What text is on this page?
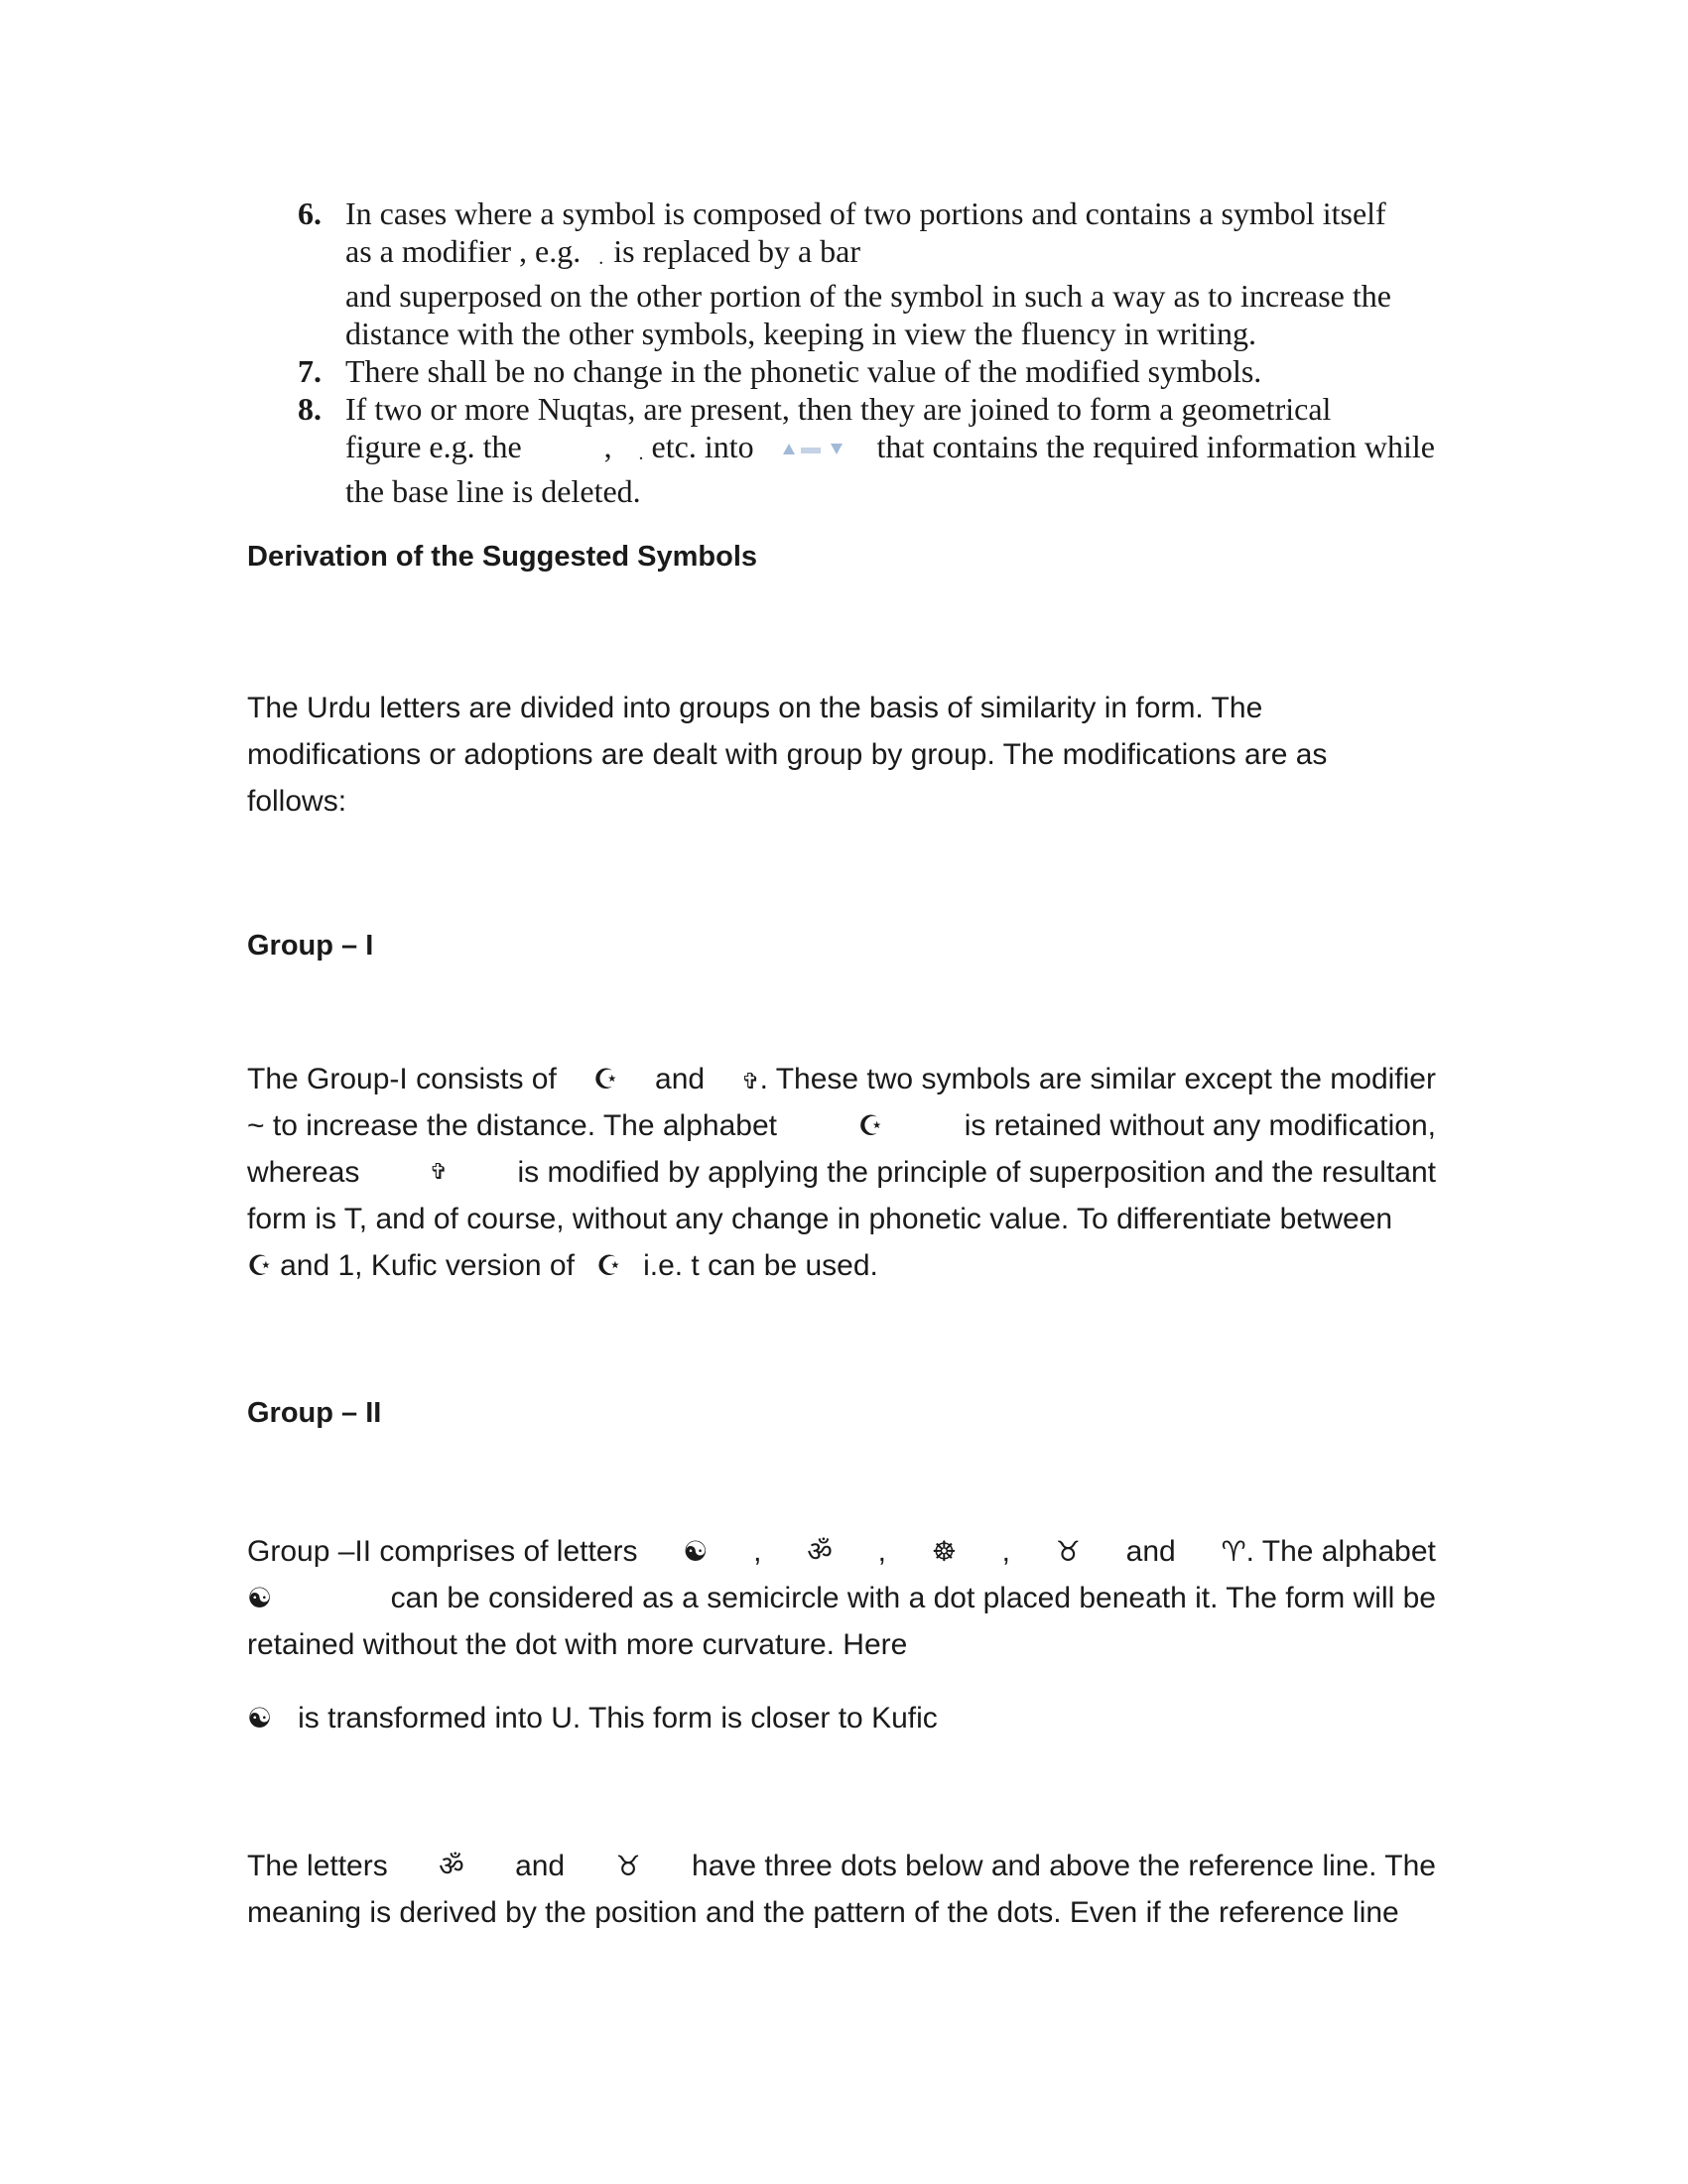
6. In cases where a symbol is composed of two portions and contains a symbol itself
as a modifier , e.g. . is replaced by a bar
and superposed on the other portion of the symbol in such a way as to increase the
distance with the other symbols, keeping in view the fluency in writing.
7. There shall be no change in the phonetic value of the modified symbols.
8. If two or more Nuqtas, are present, then they are joined to form a geometrical
figure e.g. the	, . etc. into	that contains the required information while
the base line is deleted.
Derivation of the Suggested Symbols
The Urdu letters are divided into groups on the basis of similarity in form. The
modifications or adoptions are dealt with group by group. The modifications are as
follows:
Group – I
The Group-I consists of ☪ and ✞. These two symbols are similar except the modifier
~ to increase the distance. The alphabet	☪	is retained without any modification,
whereas	✞ is modified by applying the principle of superposition and the resultant
form is T, and of course, without any change in phonetic value. To differentiate between
☪ and 1, Kufic version of ☪ i.e. t can be used.
Group – II
Group –II comprises of letters ☯ , ॐ , ☸ , ♉ and ♈. The alphabet
☯	can be considered as a semicircle with a dot placed beneath it. The form will be
retained without the dot with more curvature. Here
☯ is transformed into U. This form is closer to Kufic
The letters ॐ and ♉ have three dots below and above the reference line. The
meaning is derived by the position and the pattern of the dots. Even if the reference line
